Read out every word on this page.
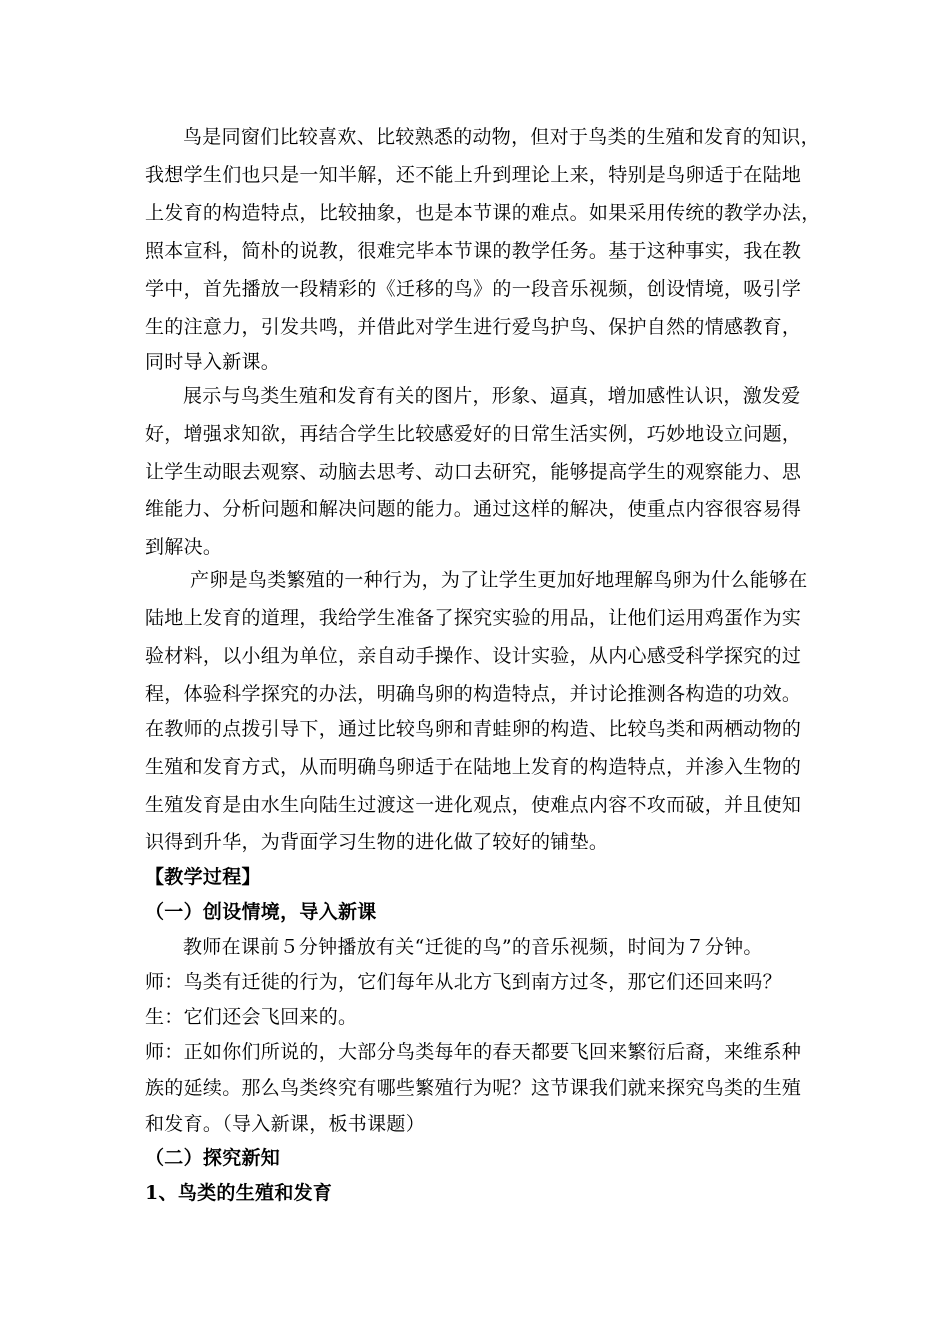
鸟是同窗们比较喜欢、比较熟悉的动物，但对于鸟类的生殖和发育的知识，
我想学生们也只是一知半解，还不能上升到理论上来，特别是鸟卵适于在陆地
上发育的构造特点，比较抽象，也是本节课的难点。如果采用传统的教学办法，
照本宣科，简朴的说教，很难完毕本节课的教学任务。基于这种事实，我在教
学中，首先播放一段精彩的《迁移的鸟》的一段音乐视频，创设情境，吸引学
生的注意力，引发共鸣，并借此对学生进行爱鸟护鸟、保护自然的情感教育，
同时导入新课。
展示与鸟类生殖和发育有关的图片，形象、逼真，增加感性认识，激发爱
好，增强求知欲，再结合学生比较感爱好的日常生活实例，巧妙地设立问题，
让学生动眼去观察、动脑去思考、动口去研究，能够提高学生的观察能力、思
维能力、分析问题和解决问题的能力。通过这样的解决，使重点内容很容易得
到解决。
产卵是鸟类繁殖的一种行为，为了让学生更加好地理解鸟卵为什么能够在
陆地上发育的道理，我给学生准备了探究实验的用品，让他们运用鸡蛋作为实
验材料，以小组为单位，亲自动手操作、设计实验，从内心感受科学探究的过
程，体验科学探究的办法，明确鸟卵的构造特点，并讨论推测各构造的功效。
在教师的点拨引导下，通过比较鸟卵和青蛙卵的构造、比较鸟类和两栖动物的
生殖和发育方式，从而明确鸟卵适于在陆地上发育的构造特点，并渗入生物的
生殖发育是由水生向陆生过渡这一进化观点，使难点内容不攻而破，并且使知
识得到升华，为背面学习生物的进化做了较好的铺垫。
【教学过程】
（一）创设情境，导入新课
教师在课前５分钟播放有关“迁徙的鸟”的音乐视频，时间为７分钟。
师：鸟类有迁徙的行为，它们每年从北方飞到南方过冬，那它们还回来吗？
生：它们还会飞回来的。
师：正如你们所说的，大部分鸟类每年的春天都要飞回来繁衍后裔，来维系种
族的延续。那么鸟类终究有哪些繁殖行为呢？这节课我们就来探究鸟类的生殖
和发育。（导入新课，板书课题）
（二）探究新知
1、鸟类的生殖和发育
